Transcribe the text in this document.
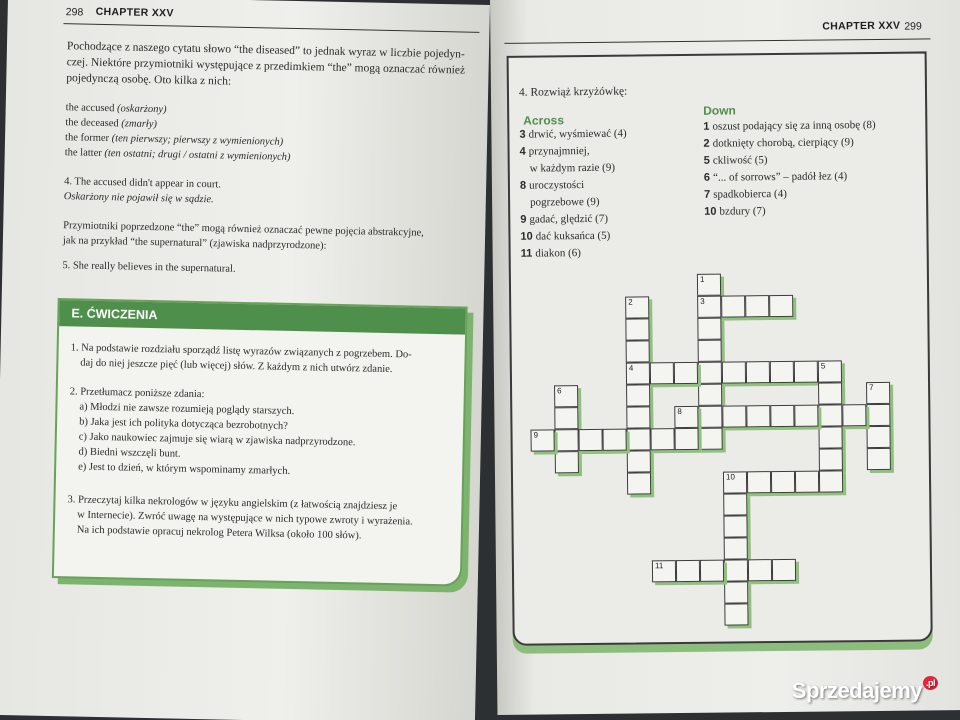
298 CHAPTER XXV
Pochodzące z naszego cytatu słowo “the diseased” to jednak wyraz w liczbie pojedyn-
czej. Niektóre przymiotniki występujące z przedimkiem “the” mogą oznaczać również
pojedynczą osobę. Oto kilka z nich:
the accused (oskarżony)
the deceased (zmarły)
the former (ten pierwszy; pierwszy z wymienionych)
the latter (ten ostatni; drugi / ostatni z wymienionych)
4. The accused didn't appear in court.
Oskarżony nie pojawił się w sądzie.
Przymiotniki poprzedzone “the” mogą również oznaczać pewne pojęcia abstrakcyjne,
jak na przykład “the supernatural” (zjawiska nadprzyrodzone):
5. She really believes in the supernatural.
E. ĆWICZENIA
1. Na podstawie rozdziału sporządź listę wyrazów związanych z pogrzebem. Do-
daj do niej jeszcze pięć (lub więcej) słów. Z każdym z nich utwórz zdanie.
2. Przetłumacz poniższe zdania:
a) Młodzi nie zawsze rozumieją poglądy starszych.
b) Jaka jest ich polityka dotycząca bezrobotnych?
c) Jako naukowiec zajmuje się wiarą w zjawiska nadprzyrodzone.
d) Biedni wszczęli bunt.
e) Jest to dzień, w którym wspominamy zmarłych.
3. Przeczytaj kilka nekrologów w języku angielskim (z łatwością znajdziesz je
w Internecie). Zwróć uwagę na występujące w nich typowe zwroty i wyrażenia.
Na ich podstawie opracuj nekrolog Petera Wilksa (około 100 słów).
CHAPTER XXV 299
4. Rozwiąż krzyżówkę:
Across
Down
3 drwić, wyśmiewać (4)
4 przynajmniej,
w każdym razie (9)
8 uroczystości
pogrzebowe (9)
9 gadać, ględzić (7)
10 dać kuksańca (5)
11 diakon (6)
1 oszust podający się za inną osobę (8)
2 dotknięty chorobą, cierpiący (9)
5 ckliwość (5)
6 “... of sorrows” – padół łez (4)
7 spadkobierca (4)
10 bzdury (7)
1
3
2
4	5
6	7
8
9
10
11
Sprzedajemy $^{.pl}$
